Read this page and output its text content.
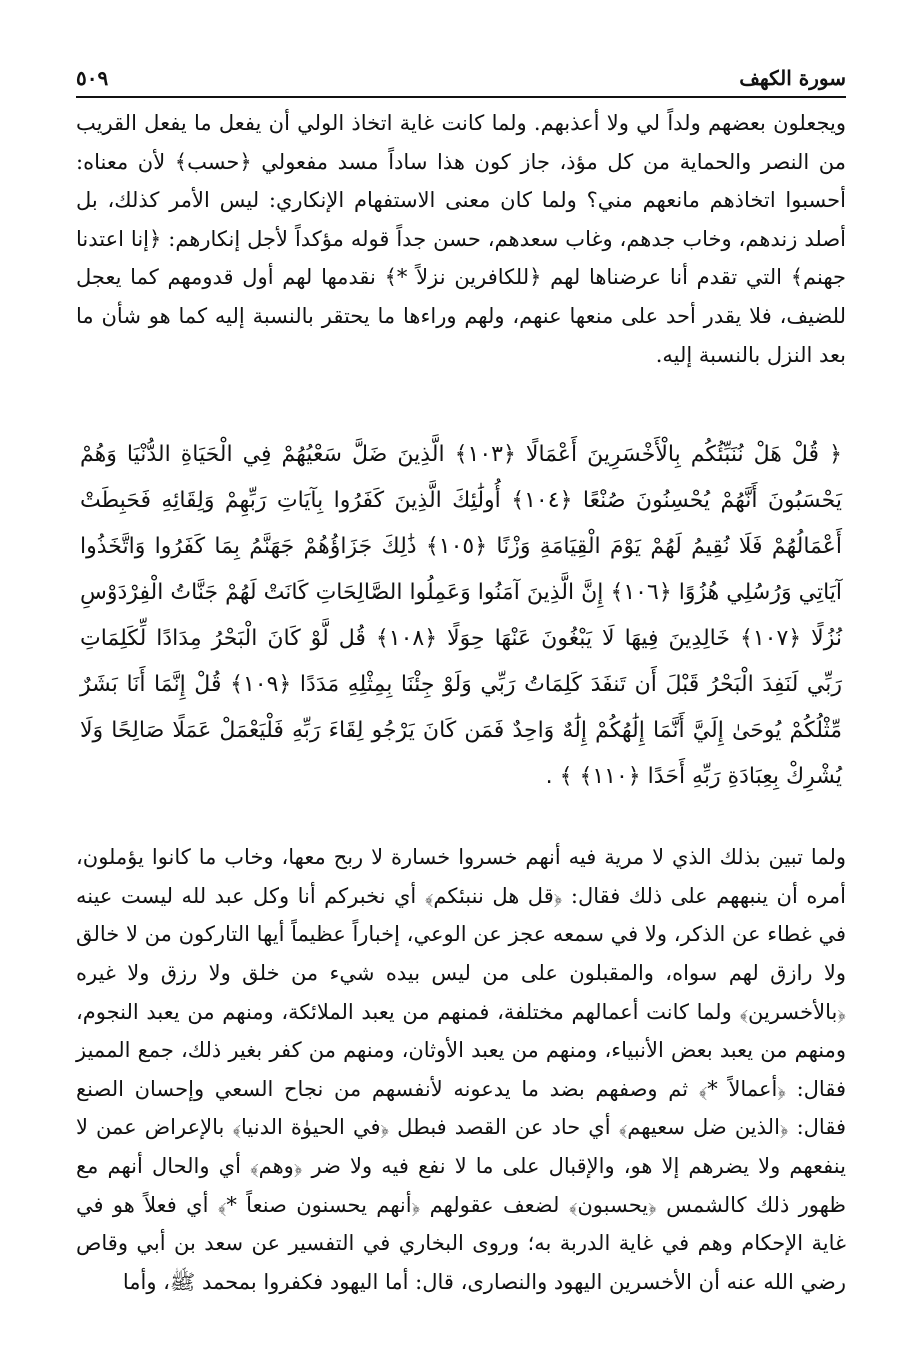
سورة الكهف
٥٠٩

ويجعلون بعضهم ولداً لي ولا أعذبهم. ولما كانت غاية اتخاذ الولي أن يفعل ما يفعل القريب من النصر والحماية من كل مؤذ، جاز كون هذا ساداً مسد مفعولي ﴿حسب﴾ لأن معناه: أحسبوا اتخاذهم مانعهم مني؟ ولما كان معنى الاستفهام الإنكاري: ليس الأمر كذلك، بل أصلد زندهم، وخاب جدهم، وغاب سعدهم، حسن جداً قوله مؤكداً لأجل إنكارهم: ﴿إنا اعتدنا جهنم﴾ التي تقدم أنا عرضناها لهم ﴿للكافرين نزلاً *﴾ نقدمها لهم أول قدومهم كما يعجل للضيف، فلا يقدر أحد على منعها عنهم، ولهم وراءها ما يحتقر بالنسبة إليه كما هو شأن ما بعد النزل بالنسبة إليه.

﴿ قُلْ هَلْ نُنَبِّئُكُم بِالْأَخْسَرِينَ أَعْمَالًا ﴿١٠٣﴾ الَّذِينَ ضَلَّ سَعْيُهُمْ فِي الْحَيَاةِ الدُّنْيَا وَهُمْ يَحْسَبُونَ أَنَّهُمْ يُحْسِنُونَ صُنْعًا ﴿١٠٤﴾ أُولَٰئِكَ الَّذِينَ كَفَرُوا بِآيَاتِ رَبِّهِمْ وَلِقَائِهِ فَحَبِطَتْ أَعْمَالُهُمْ فَلَا نُقِيمُ لَهُمْ يَوْمَ الْقِيَامَةِ وَزْنًا ﴿١٠٥﴾ ذَٰلِكَ جَزَاؤُهُمْ جَهَنَّمُ بِمَا كَفَرُوا وَاتَّخَذُوا آيَاتِي وَرُسُلِي هُزُوًا ﴿١٠٦﴾ إِنَّ الَّذِينَ آمَنُوا وَعَمِلُوا الصَّالِحَاتِ كَانَتْ لَهُمْ جَنَّاتُ الْفِرْدَوْسِ نُزُلًا ﴿١٠٧﴾ خَالِدِينَ فِيهَا لَا يَبْغُونَ عَنْهَا حِوَلًا ﴿١٠٨﴾ قُل لَّوْ كَانَ الْبَحْرُ مِدَادًا لِّكَلِمَاتِ رَبِّي لَنَفِدَ الْبَحْرُ قَبْلَ أَن تَنفَدَ كَلِمَاتُ رَبِّي وَلَوْ جِئْنَا بِمِثْلِهِ مَدَدًا ﴿١٠٩﴾ قُلْ إِنَّمَا أَنَا بَشَرٌ مِّثْلُكُمْ يُوحَىٰ إِلَيَّ أَنَّمَا إِلَٰهُكُمْ إِلَٰهٌ وَاحِدٌ فَمَن كَانَ يَرْجُو لِقَاءَ رَبِّهِ فَلْيَعْمَلْ عَمَلًا صَالِحًا وَلَا يُشْرِكْ بِعِبَادَةِ رَبِّهِ أَحَدًا ﴿١١٠﴾ ﴾ .

ولما تبين بذلك الذي لا مرية فيه أنهم خسروا خسارة لا ربح معها، وخاب ما كانوا يؤملون، أمره أن ينبههم على ذلك فقال: ﴿قل هل ننبئكم﴾ أي نخبركم أنا وكل عبد لله ليست عينه في غطاء عن الذكر، ولا في سمعه عجز عن الوعي، إخباراً عظيماً أيها التاركون من لا خالق ولا رازق لهم سواه، والمقبلون على من ليس بيده شيء من خلق ولا رزق ولا غيره ﴿بالأخسرين﴾ ولما كانت أعمالهم مختلفة، فمنهم من يعبد الملائكة، ومنهم من يعبد النجوم، ومنهم من يعبد بعض الأنبياء، ومنهم من يعبد الأوثان، ومنهم من كفر بغير ذلك، جمع المميز فقال: ﴿أعمالاً *﴾ ثم وصفهم بضد ما يدعونه لأنفسهم من نجاح السعي وإحسان الصنع فقال: ﴿الذين ضل سعيهم﴾ أي حاد عن القصد فبطل ﴿في الحيوٰة الدنيا﴾ بالإعراض عمن لا ينفعهم ولا يضرهم إلا هو، والإقبال على ما لا نفع فيه ولا ضر ﴿وهم﴾ أي والحال أنهم مع ظهور ذلك كالشمس ﴿يحسبون﴾ لضعف عقولهم ﴿أنهم يحسنون صنعاً *﴾ أي فعلاً هو في غاية الإحكام وهم في غاية الدربة به؛ وروى البخاري في التفسير عن سعد بن أبي وقاص رضي الله عنه أن الأخسرين اليهود والنصارى، قال: أما اليهود فكفروا بمحمد ﷺ، وأما
